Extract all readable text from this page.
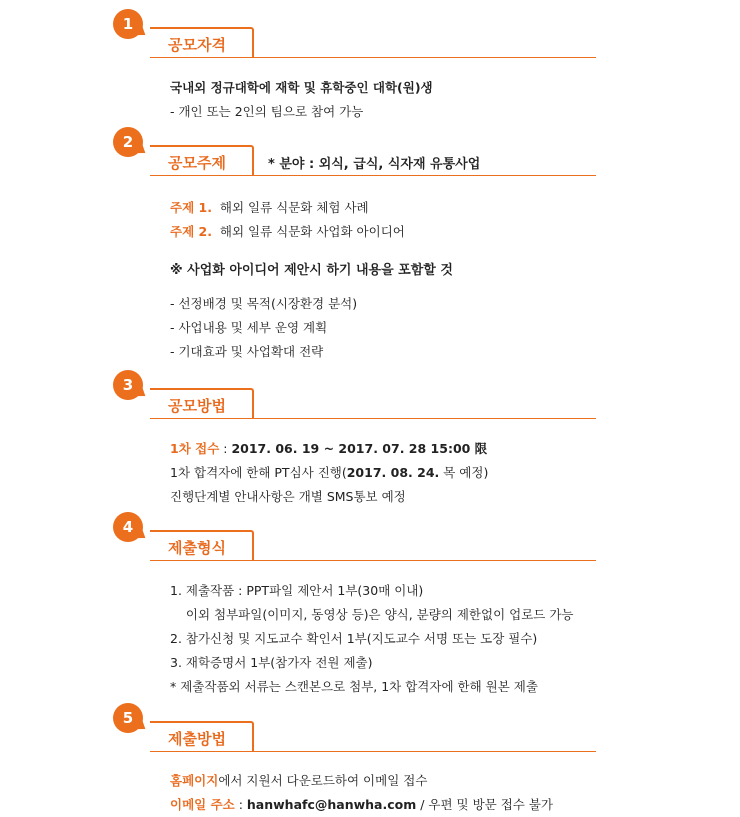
1
공모자격
국내외 정규대학에 재학 및 휴학중인 대학(원)생
- 개인 또는 2인의 팀으로 참여 가능
2
공모주제	* 분야 : 외식, 급식, 식자재 유통사업
주제 1. 해외 일류 식문화 체험 사례
주제 2. 해외 일류 식문화 사업화 아이디어
※ 사업화 아이디어 제안시 하기 내용을 포함할 것
- 선정배경 및 목적(시장환경 분석)
- 사업내용 및 세부 운영 계획
- 기대효과 및 사업확대 전략
3
공모방법
1차 접수 : 2017. 06. 19 ~ 2017. 07. 28 15:00 限
1차 합격자에 한해 PT심사 진행(2017. 08. 24. 목 예정)
진행단계별 안내사항은 개별 SMS통보 예정
4
제출형식
1. 제출작품 : PPT파일 제안서 1부(30매 이내)
이외 첨부파일(이미지, 동영상 등)은 양식, 분량의 제한없이 업로드 가능
2. 참가신청 및 지도교수 확인서 1부(지도교수 서명 또는 도장 필수)
3. 재학증명서 1부(참가자 전원 제출)
* 제출작품외 서류는 스캔본으로 첨부, 1차 합격자에 한해 원본 제출
5
제출방법
홈페이지에서 지원서 다운로드하여 이메일 접수
이메일 주소 : hanwhafc@hanwha.com / 우편 및 방문 접수 불가
